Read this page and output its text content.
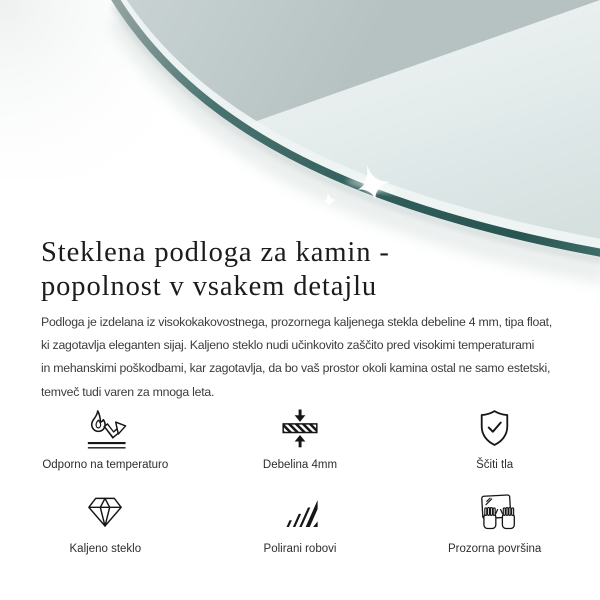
Steklena podloga za kamin -
popolnost v vsakem detajlu
Podloga je izdelana iz visokokakovostnega, prozornega kaljenega stekla debeline 4 mm, tipa float,
ki zagotavlja eleganten sijaj. Kaljeno steklo nudi učinkovito zaščito pred visokimi temperaturami
in mehanskimi poškodbami, kar zagotavlja, da bo vaš prostor okoli kamina ostal ne samo estetski,
temveč tudi varen za mnoga leta.
Odporno na temperaturo	Debelina 4mm	Ščiti tla
Kaljeno steklo	Polirani robovi	Prozorna površina
